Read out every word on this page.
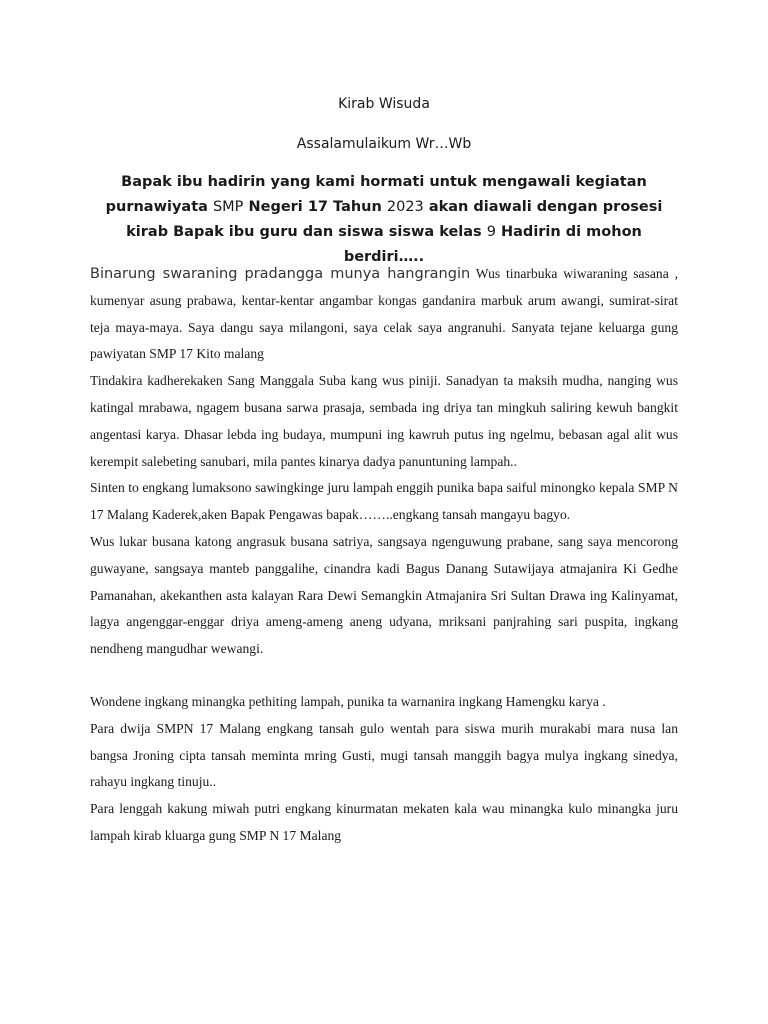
Kirab Wisuda

Assalamulaikum Wr…Wb

Bapak ibu hadirin yang kami hormati untuk mengawali kegiatan purnawiyata SMP Negeri 17 Tahun 2023 akan diawali dengan prosesi kirab Bapak ibu guru dan siswa siswa kelas 9 Hadirin di mohon berdiri…..

Binarung swaraning pradangga munya hangrangin Wus tinarbuka wiwaraning sasana , kumenyar asung prabawa, kentar-kentar angambar kongas gandanira marbuk arum awangi, sumirat-sirat teja maya-maya. Saya dangu saya milangoni, saya celak saya angranuhi. Sanyata tejane keluarga gung pawiyatan SMP 17 Kito malang

Tindakira kadherekaken Sang Manggala Suba kang wus piniji. Sanadyan ta maksih mudha, nanging wus katingal mrabawa, ngagem busana sarwa prasaja, sembada ing driya tan mingkuh saliring kewuh bangkit angentasi karya. Dhasar lebda ing budaya, mumpuni ing kawruh putus ing ngelmu, bebasan agal alit wus kerempit salebeting sanubari, mila pantes kinarya dadya panuntuning lampah..

Sinten to engkang lumaksono sawingkinge juru lampah enggih punika bapa saiful minongko kepala SMP N 17 Malang Kaderek,aken Bapak Pengawas bapak……..engkang tansah mangayu bagyo.

Wus lukar busana katong angrasuk busana satriya, sangsaya ngenguwung prabane, sang saya mencorong guwayane, sangsaya manteb panggalihe, cinandra kadi Bagus Danang Sutawijaya atmajanira Ki Gedhe Pamanahan, akekanthen asta kalayan Rara Dewi Semangkin Atmajanira Sri Sultan Drawa ing Kalinyamat, lagya angenggar-enggar driya ameng-ameng aneng udyana, mriksani panjrahing sari puspita, ingkang nendheng mangudhar wewangi.

Wondene ingkang minangka pethiting lampah, punika ta warnanira ingkang Hamengku karya .

Para dwija SMPN 17 Malang engkang tansah gulo wentah para siswa murih murakabi mara nusa lan bangsa Jroning cipta tansah meminta mring Gusti, mugi tansah manggih bagya mulya ingkang sinedya, rahayu ingkang tinuju..

Para lenggah kakung miwah putri engkang kinurmatan mekaten kala wau minangka kulo minangka juru lampah kirab kluarga gung SMP N 17 Malang
